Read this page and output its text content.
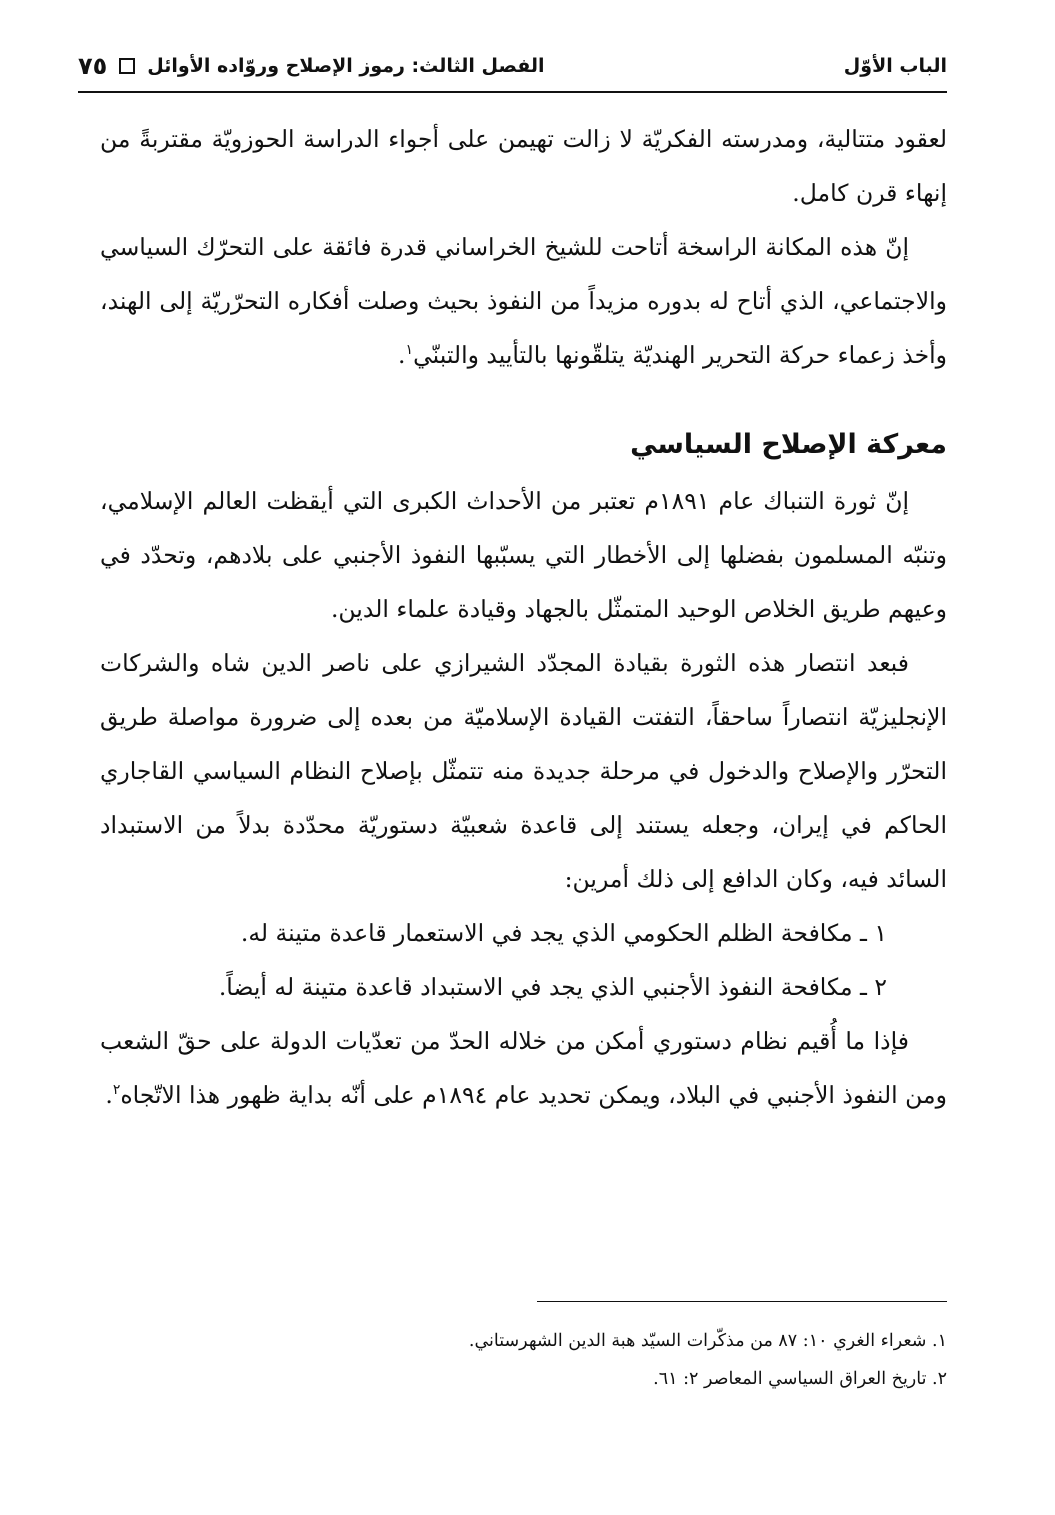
الباب الأوّل
الفصل الثالث: رموز الإصلاح وروّاده الأوائل
٧٥

لعقود متتالية، ومدرسته الفكريّة لا زالت تهيمن على أجواء الدراسة الحوزويّة مقتربةً من إنهاء قرن كامل.

إنّ هذه المكانة الراسخة أتاحت للشيخ الخراساني قدرة فائقة على التحرّك السياسي والاجتماعي، الذي أتاح له بدوره مزيداً من النفوذ بحيث وصلت أفكاره التحرّريّة إلى الهند، وأخذ زعماء حركة التحرير الهنديّة يتلقّونها بالتأييد والتبنّي$^١$.

معركة الإصلاح السياسي

إنّ ثورة التنباك عام ١٨٩١م تعتبر من الأحداث الكبرى التي أيقظت العالم الإسلامي، وتنبّه المسلمون بفضلها إلى الأخطار التي يسبّبها النفوذ الأجنبي على بلادهم، وتحدّد في وعيهم طريق الخلاص الوحيد المتمثّل بالجهاد وقيادة علماء الدين.

فبعد انتصار هذه الثورة بقيادة المجدّد الشيرازي على ناصر الدين شاه والشركات الإنجليزيّة انتصاراً ساحقاً، التفتت القيادة الإسلاميّة من بعده إلى ضرورة مواصلة طريق التحرّر والإصلاح والدخول في مرحلة جديدة منه تتمثّل بإصلاح النظام السياسي القاجاري الحاكم في إيران، وجعله يستند إلى قاعدة شعبيّة دستوريّة محدّدة بدلاً من الاستبداد السائد فيه، وكان الدافع إلى ذلك أمرين:

١ ـ مكافحة الظلم الحكومي الذي يجد في الاستعمار قاعدة متينة له.

٢ ـ مكافحة النفوذ الأجنبي الذي يجد في الاستبداد قاعدة متينة له أيضاً.

فإذا ما أُقيم نظام دستوري أمكن من خلاله الحدّ من تعدّيات الدولة على حقّ الشعب ومن النفوذ الأجنبي في البلاد، ويمكن تحديد عام ١٨٩٤م على أنّه بداية ظهور هذا الاتّجاه$^٢$.

١. شعراء الغري ١٠: ٨٧ من مذكّرات السيّد هبة الدين الشهرستاني.

٢. تاريخ العراق السياسي المعاصر ٢: ٦١.
